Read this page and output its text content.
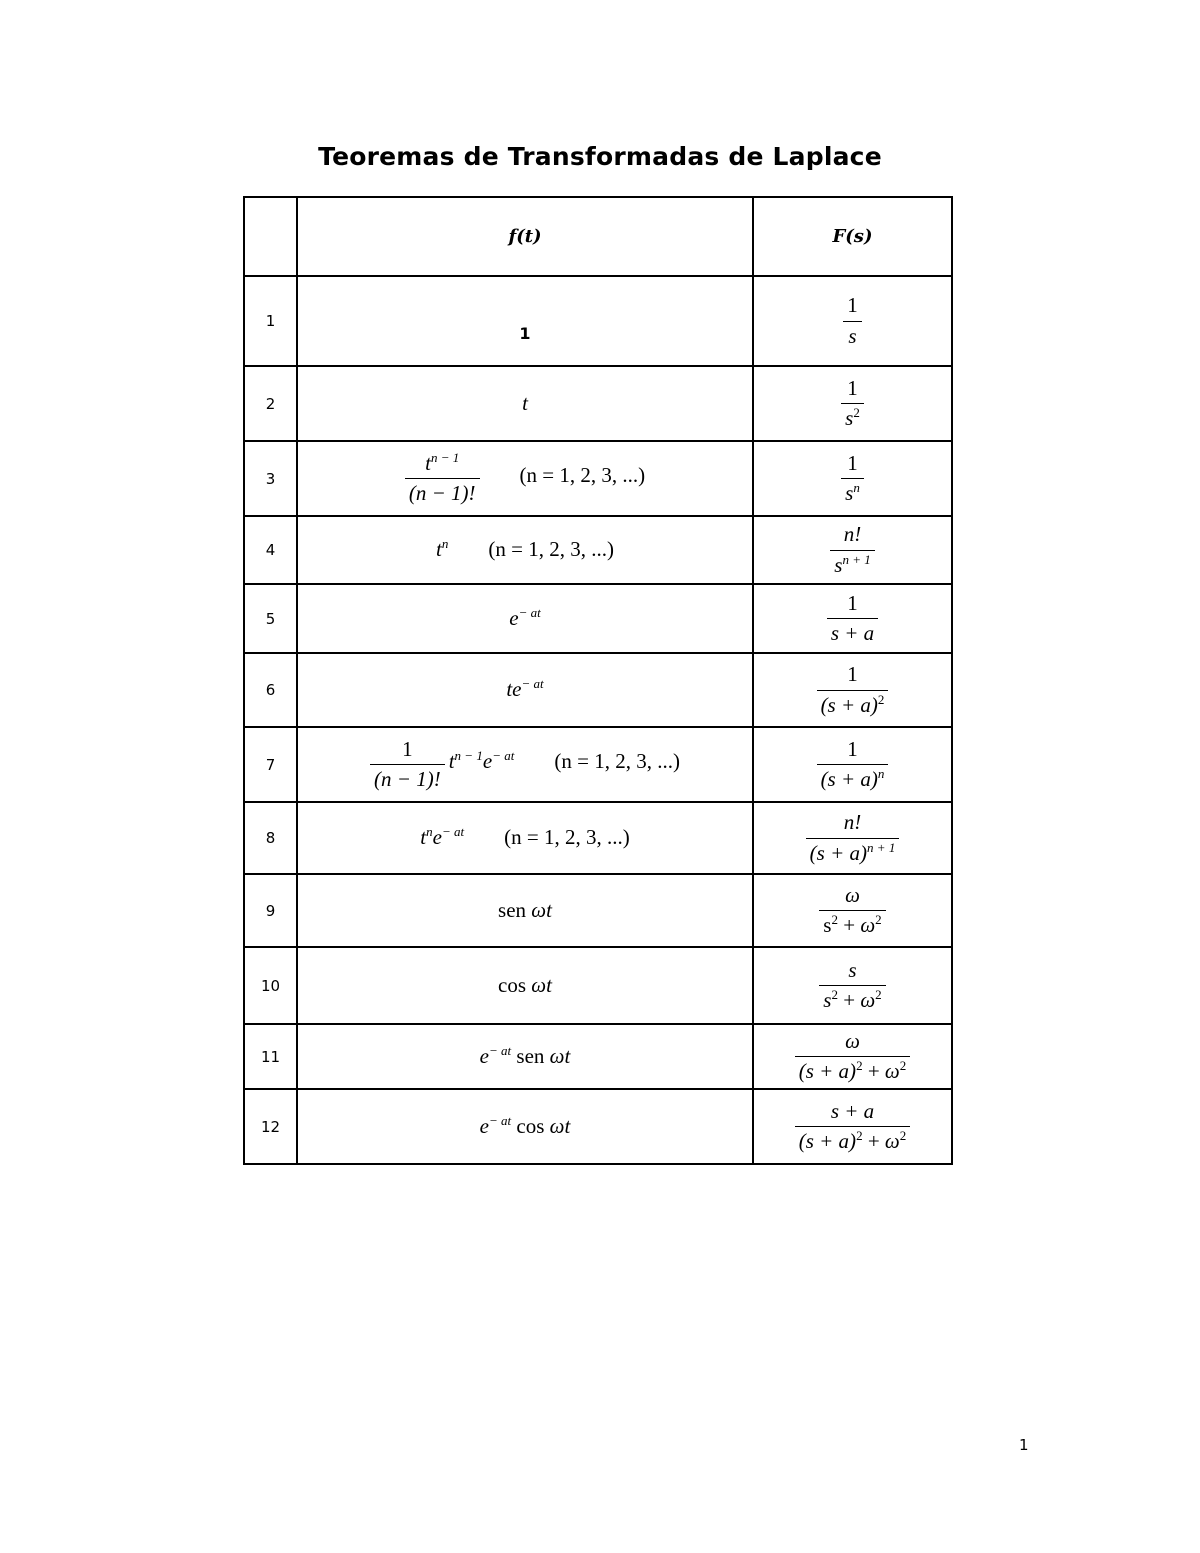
Teoremas de Transformadas de Laplace
	f(t)	F(s)
1	1	$\frac{1}{s}$

2	t	$\frac{1}{s^2}$

3	$\frac{t^{n - 1}}{(n - 1)!} (n = 1$, 2, 3, ...)	$\frac{1}{s^n}$

4	$t^n$ (n = 1, 2, 3, ...)	$\frac{n!}{s^{n + 1}}$

5	$e^{- at}$	$\frac{1}{s + a}$

6	$te^{- at}$	$\frac{1}{(s + a)^2}$

7	$\frac{1}{(n - 1)!} t^{n - 1}e^{- at}$ (n = 1, 2, 3, ...)	$\frac{1}{(s + a)^n}$

8	$t^ne^{- at}$ (n = 1, 2, 3, ...)	$\frac{n!}{(s + a)^{n + 1}}$

9	sen ωt	$\frac{\omega}{s^2 + \omega^2}$

10	cos ωt	$\frac{s}{s^2 + \omega^2}$

11	$e^{- at}$ sen ωt	$\frac{\omega}{(s + a)^2 + \omega^2}$

12	$e^{- at}$ cos ωt	$\frac{s + a}{(s + a)^2 + \omega^2}$
1
